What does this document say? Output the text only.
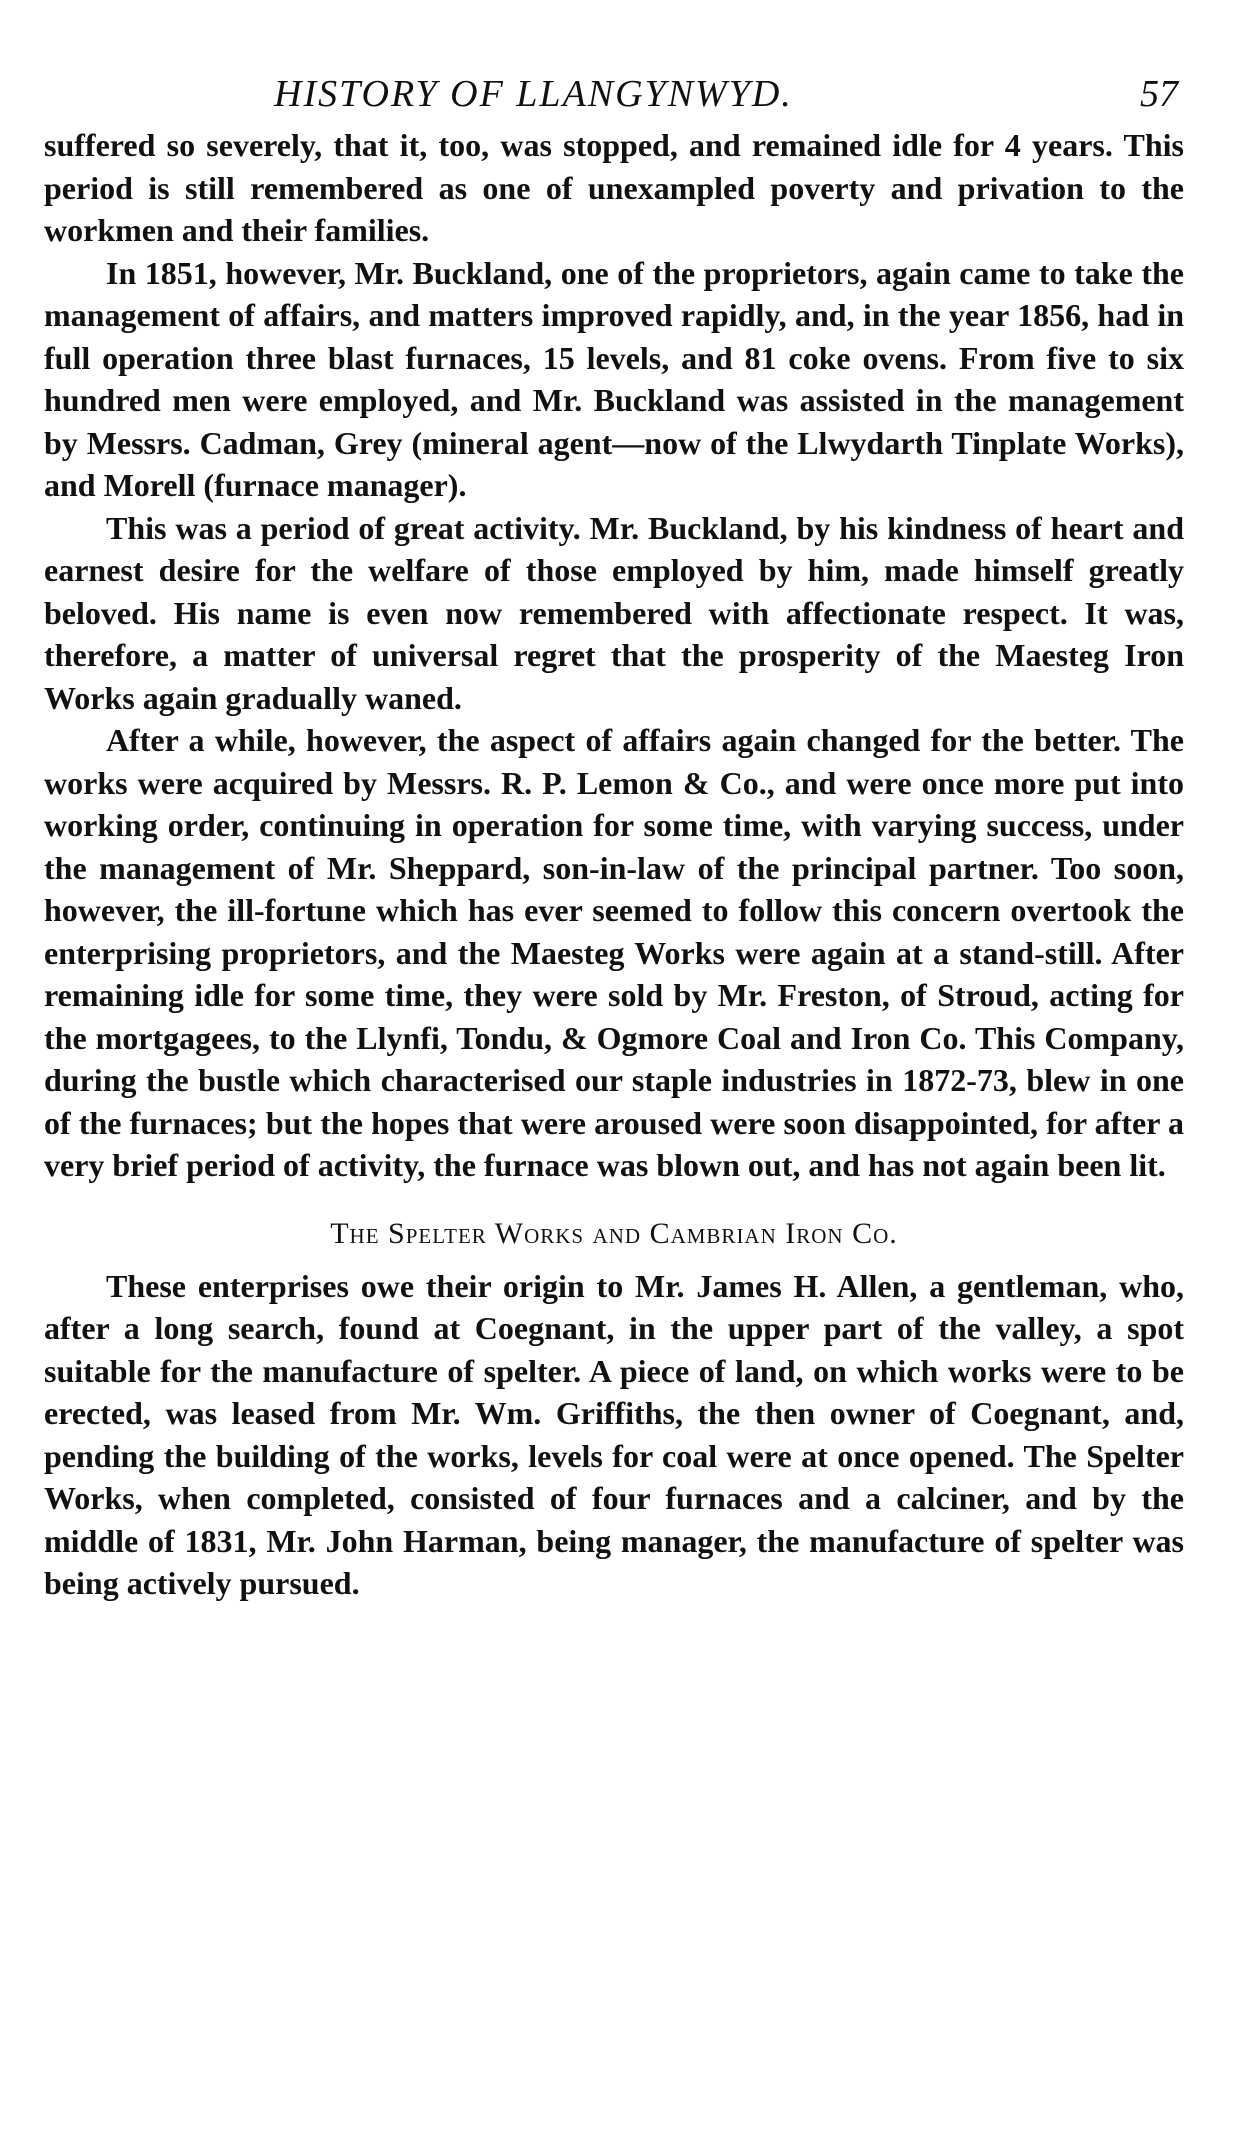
HISTORY OF LLANGYNWYD.	57

suffered so severely, that it, too, was stopped, and remained idle for 4 years. This period is still remembered as one of unexampled poverty and privation to the workmen and their families.

In 1851, however, Mr. Buckland, one of the proprietors, again came to take the management of affairs, and matters improved rapidly, and, in the year 1856, had in full operation three blast furnaces, 15 levels, and 81 coke ovens. From five to six hundred men were employed, and Mr. Buckland was assisted in the management by Messrs. Cadman, Grey (mineral agent—now of the Llwydarth Tinplate Works), and Morell (furnace manager).

This was a period of great activity. Mr. Buckland, by his kindness of heart and earnest desire for the welfare of those employed by him, made himself greatly beloved. His name is even now remembered with affectionate respect. It was, therefore, a matter of universal regret that the prosperity of the Maesteg Iron Works again gradually waned.

After a while, however, the aspect of affairs again changed for the better. The works were acquired by Messrs. R. P. Lemon & Co., and were once more put into working order, continuing in operation for some time, with varying success, under the management of Mr. Sheppard, son-in-law of the principal partner. Too soon, however, the ill-fortune which has ever seemed to follow this concern overtook the enterprising proprietors, and the Maesteg Works were again at a stand-still. After remaining idle for some time, they were sold by Mr. Freston, of Stroud, acting for the mortgagees, to the Llynfi, Tondu, & Ogmore Coal and Iron Co. This Company, during the bustle which characterised our staple industries in 1872-73, blew in one of the furnaces; but the hopes that were aroused were soon disappointed, for after a very brief period of activity, the furnace was blown out, and has not again been lit.

The Spelter Works and Cambrian Iron Co.

These enterprises owe their origin to Mr. James H. Allen, a gentleman, who, after a long search, found at Coegnant, in the upper part of the valley, a spot suitable for the manufacture of spelter. A piece of land, on which works were to be erected, was leased from Mr. Wm. Griffiths, the then owner of Coegnant, and, pending the building of the works, levels for coal were at once opened. The Spelter Works, when completed, consisted of four furnaces and a calciner, and by the middle of 1831, Mr. John Harman, being manager, the manufacture of spelter was being actively pursued.
